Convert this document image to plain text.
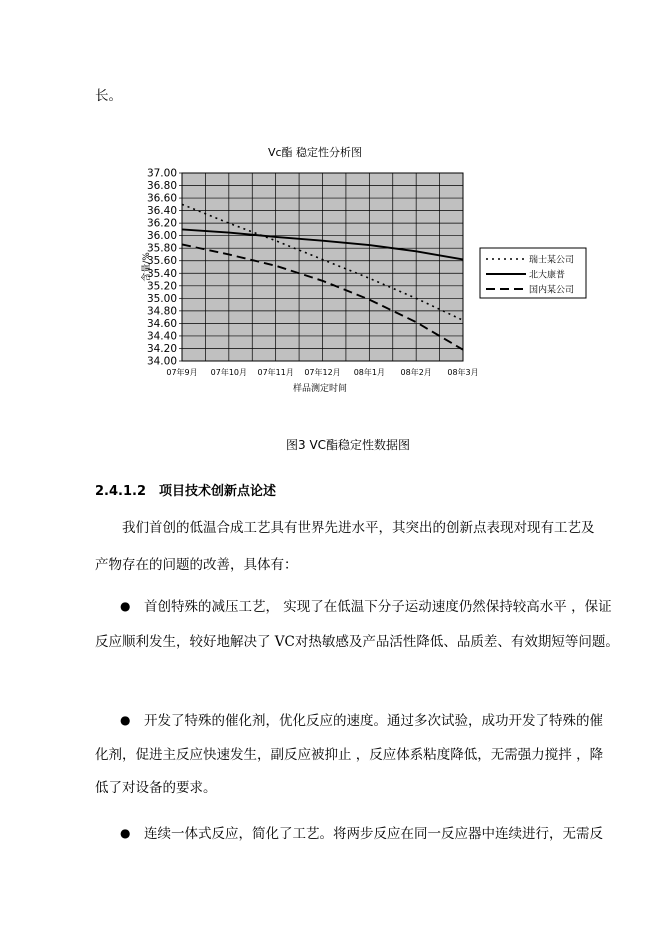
长。
Vc酯 稳定性分析图
37.00
36.80
36.60
36.40
36.20
36.00
35.80
35.60
35.40
35.20
35.00
34.80
34.60
34.40
34.20
34.00
07年9月 07年10月 07年11月 07年12月 08年1月 08年2月 08年3月
含量/%
样品测定时间
瑞士某公司
北大康普
国内某公司
图3 VC酯稳定性数据图
2.4.1.2　项目技术创新点论述
我们首创的低温合成工艺具有世界先进水平，其突出的创新点表现对现有工艺及
产物存在的问题的改善，具体有：
● 首创特殊的减压工艺， 实现了在低温下分子运动速度仍然保持较高水平 ，保证
反应顺利发生，较好地解决了 VC对热敏感及产品活性降低、品质差、有效期短等问题。
● 开发了特殊的催化剂，优化反应的速度。通过多次试验，成功开发了特殊的催
化剂，促进主反应快速发生，副反应被抑止 ，反应体系粘度降低，无需强力搅拌 ，降
低了对设备的要求。
● 连续一体式反应，简化了工艺。将两步反应在同一反应器中连续进行，无需反
